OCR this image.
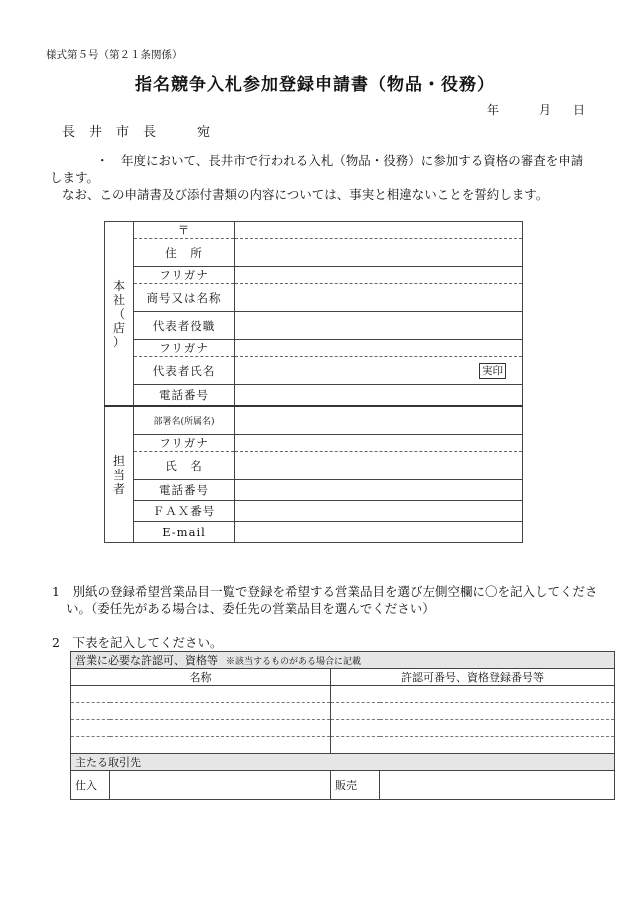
様式第５号（第２１条関係）
指名競争入札参加登録申請書（物品・役務）
年	月 日
長井市長　宛

・　年度において、長井市で行われる入札（物品・役務）に参加する資格の審査を申請します。

なお、この申請書及び添付書類の内容については、事実と相違ないことを誓約します。

本
社
（
店
）	〒	
	住　所	
	フリガナ	
	商号又は名称	
	代表者役職	
	フリガナ	
	代表者氏名	実印

	電話番号	

担
当
者	部署名(所属名)	
	フリガナ	
	氏　名	
	電話番号	
	ＦＡＸ番号	
	E-mail	
1　別紙の登録希望営業品目一覧で登録を希望する営業品目を選び左側空欄に〇を記入してください。（委任先がある場合は、委任先の営業品目を選んでください）
2　下表を記入してください。
営業に必要な許認可、資格等 ※該当するものがある場合に記載			
名称		許認可番号、資格登録番号等	

主たる取引先			
仕入		販売	
